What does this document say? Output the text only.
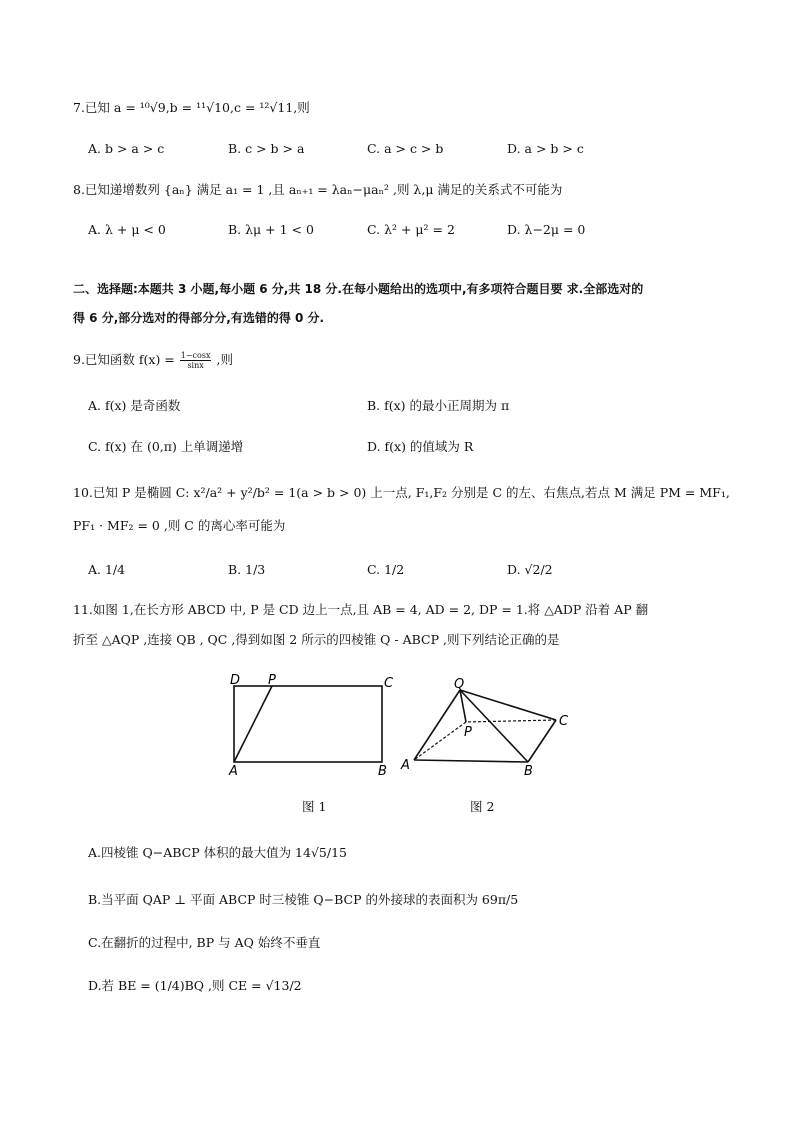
7.已知 a = ¹⁰√9,b = ¹¹√10,c = ¹²√11,则
A. b > a > c	B. c > b > a	C. a > c > b	D. a > b > c
8.已知递增数列 {aₙ} 满足 a₁ = 1 ,且 aₙ₊₁ = λaₙ−μaₙ² ,则 λ,μ 满足的关系式不可能为
A. λ + μ < 0	B. λμ + 1 < 0	C. λ² + μ² = 2	D. λ−2μ = 0
二、选择题:本题共 3 小题,每小题 6 分,共 18 分.在每小题给出的选项中,有多项符合题目要 求.全部选对的
得 6 分,部分选对的得部分分,有选错的得 0 分.
9.已知函数 $f(x) = \frac{1-\cos x}{\sin x}$ ,则
A. f(x) 是奇函数	B. f(x) 的最小正周期为 π
C. f(x) 在 (0,π) 上单调递增	D. f(x) 的值域为 R
10.已知 P 是椭圆 C: x²/a² + y²/b² = 1(a > b > 0) 上一点, F₁,F₂ 分别是 C 的左、右焦点,若点 M 满足 PM = MF₁,
PF₁ · MF₂ = 0 ,则 C 的离心率可能为
A. 1/4	B. 1/3	C. 1/2	D. √2/2
11.如图 1,在长方形 ABCD 中, P 是 CD 边上一点,且 AB = 4, AD = 2, DP = 1.将 △ADP 沿着 AP 翻
折至 △AQP ,连接 QB , QC ,得到如图 2 所示的四棱锥 Q - ABCP ,则下列结论正确的是
D P	C
A	B
Q
P
C
A	B
图 1	图 2
A.四棱锥 Q−ABCP 体积的最大值为 14√5/15
B.当平面 QAP ⊥ 平面 ABCP 时三棱锥 Q−BCP 的外接球的表面积为 69π/5
C.在翻折的过程中, BP 与 AQ 始终不垂直
D.若 BE = (1/4)BQ ,则 CE = √13/2
